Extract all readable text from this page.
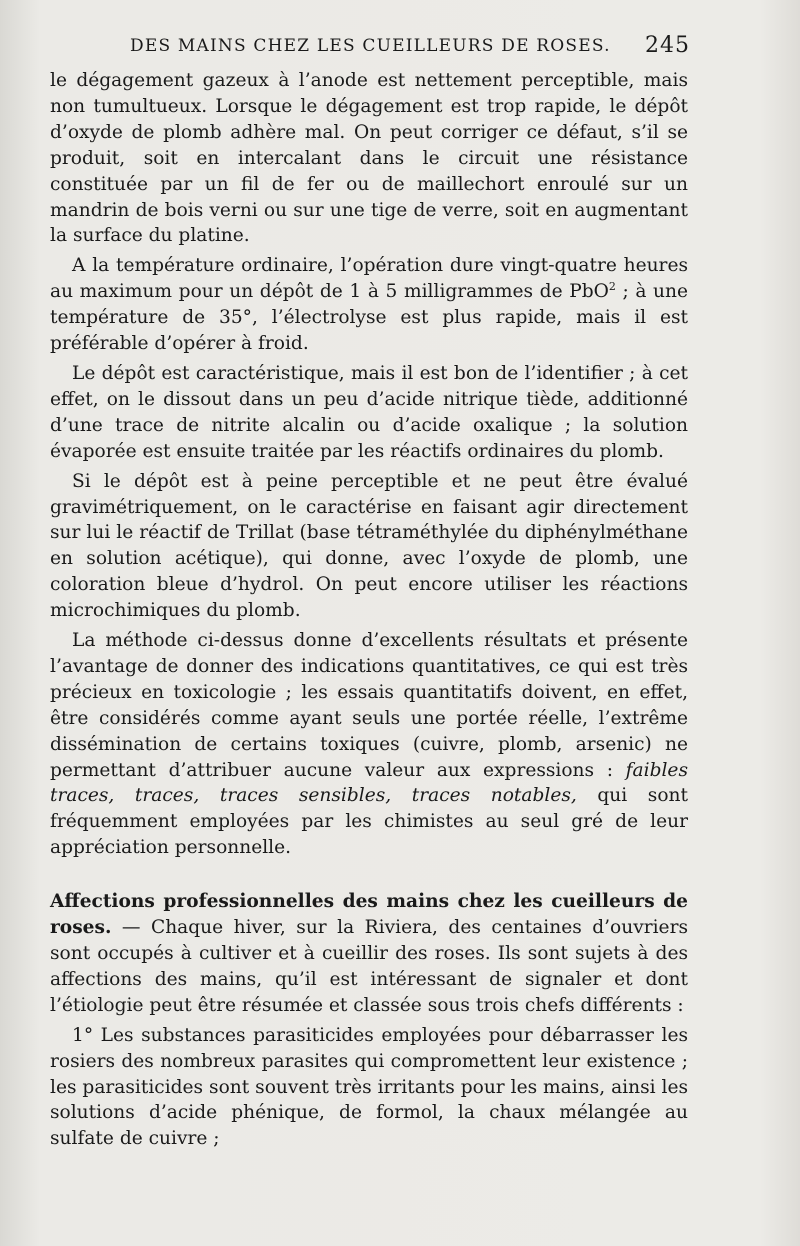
DES MAINS CHEZ LES CUEILLEURS DE ROSES. 245

le dégagement gazeux à l’anode est nettement perceptible, mais non tumultueux. Lorsque le dégagement est trop rapide, le dépôt d’oxyde de plomb adhère mal. On peut corriger ce défaut, s’il se produit, soit en intercalant dans le circuit une résistance constituée par un fil de fer ou de maillechort enroulé sur un mandrin de bois verni ou sur une tige de verre, soit en augmentant la surface du platine.

A la température ordinaire, l’opération dure vingt-quatre heures au maximum pour un dépôt de 1 à 5 milligrammes de PbO$^2$ ; à une température de 35°, l’électrolyse est plus rapide, mais il est préférable d’opérer à froid.

Le dépôt est caractéristique, mais il est bon de l’identifier ; à cet effet, on le dissout dans un peu d’acide nitrique tiède, additionné d’une trace de nitrite alcalin ou d’acide oxalique ; la solution évaporée est ensuite traitée par les réactifs ordinaires du plomb.

Si le dépôt est à peine perceptible et ne peut être évalué gravimétriquement, on le caractérise en faisant agir directement sur lui le réactif de Trillat (base tétraméthylée du diphénylméthane en solution acétique), qui donne, avec l’oxyde de plomb, une coloration bleue d’hydrol. On peut encore utiliser les réactions microchimiques du plomb.

La méthode ci-dessus donne d’excellents résultats et présente l’avantage de donner des indications quantitatives, ce qui est très précieux en toxicologie ; les essais quantitatifs doivent, en effet, être considérés comme ayant seuls une portée réelle, l’extrême dissémination de certains toxiques (cuivre, plomb, arsenic) ne permettant d’attribuer aucune valeur aux expressions : faibles traces, traces, traces sensibles, traces notables, qui sont fréquemment employées par les chimistes au seul gré de leur appréciation personnelle.

Affections professionnelles des mains chez les cueilleurs de roses. — Chaque hiver, sur la Riviera, des centaines d’ouvriers sont occupés à cultiver et à cueillir des roses. Ils sont sujets à des affections des mains, qu’il est intéressant de signaler et dont l’étiologie peut être résumée et classée sous trois chefs différents :

1° Les substances parasiticides employées pour débarrasser les rosiers des nombreux parasites qui compromettent leur existence ; les parasiticides sont souvent très irritants pour les mains, ainsi les solutions d’acide phénique, de formol, la chaux mélangée au sulfate de cuivre ;
